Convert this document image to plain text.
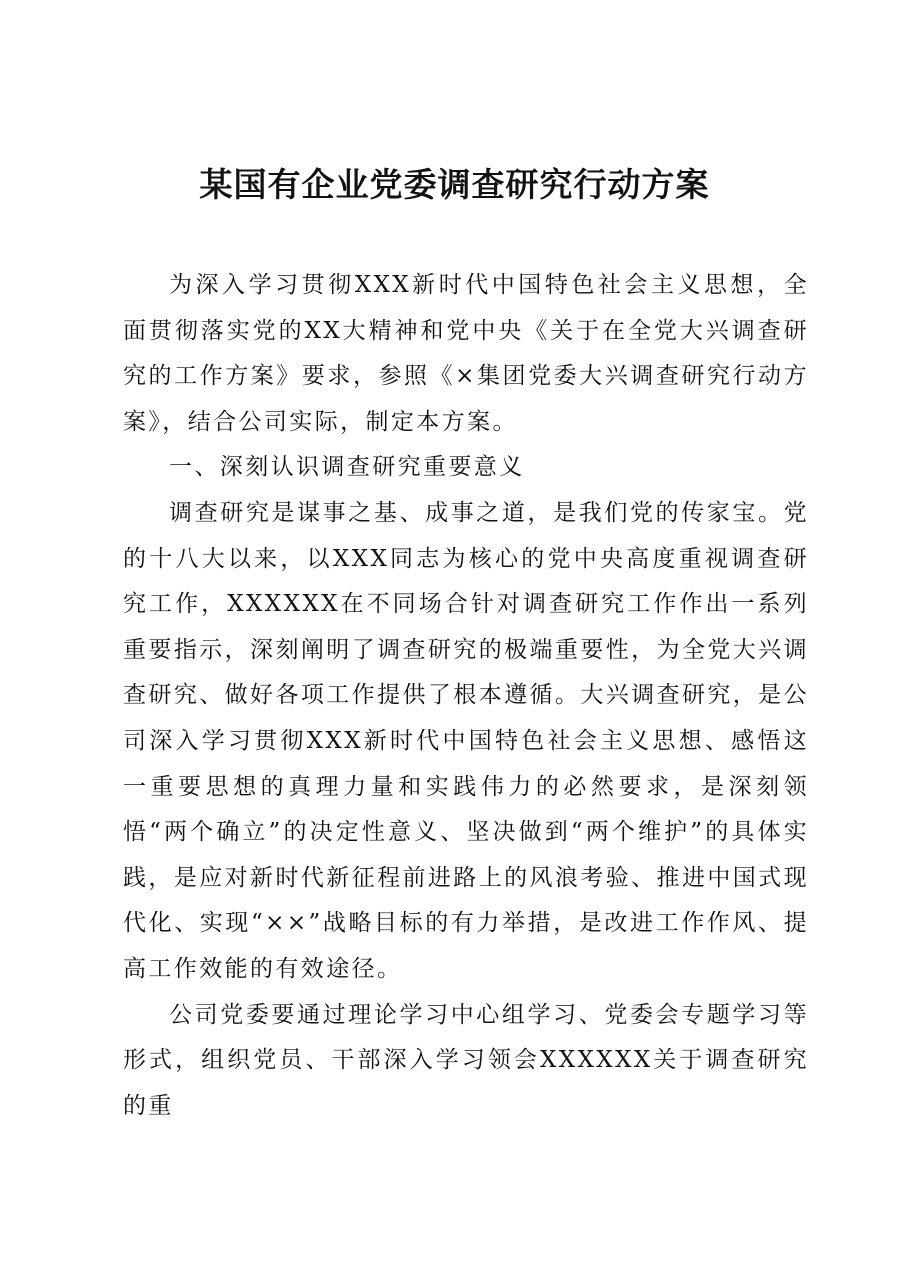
某国有企业党委调查研究行动方案

为深入学习贯彻XXX新时代中国特色社会主义思想，全面贯彻落实党的XX大精神和党中央《关于在全党大兴调查研究的工作方案》要求，参照《×集团党委大兴调查研究行动方案》，结合公司实际，制定本方案。

一、深刻认识调查研究重要意义

调查研究是谋事之基、成事之道，是我们党的传家宝。党的十八大以来，以XXX同志为核心的党中央高度重视调查研究工作，XXXXXX在不同场合针对调查研究工作作出一系列重要指示，深刻阐明了调查研究的极端重要性，为全党大兴调查研究、做好各项工作提供了根本遵循。大兴调查研究，是公司深入学习贯彻XXX新时代中国特色社会主义思想、感悟这一重要思想的真理力量和实践伟力的必然要求，是深刻领悟“两个确立”的决定性意义、坚决做到“两个维护”的具体实践，是应对新时代新征程前进路上的风浪考验、推进中国式现代化、实现“××”战略目标的有力举措，是改进工作作风、提高工作效能的有效途径。

公司党委要通过理论学习中心组学习、党委会专题学习等形式，组织党员、干部深入学习领会XXXXXX关于调查研究的重
